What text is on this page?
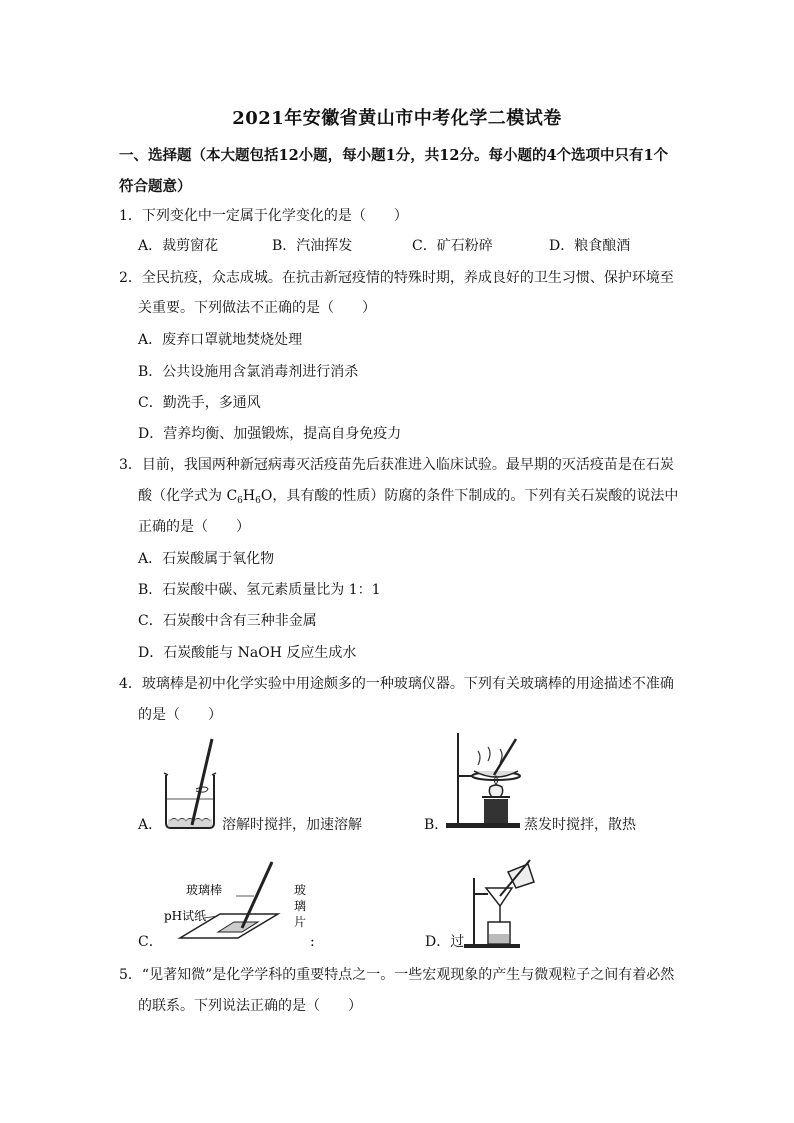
2021年安徽省黄山市中考化学二模试卷
一、选择题（本大题包括12小题，每小题1分，共12分。每小题的4个选项中只有1个
符合题意）
1．下列变化中一定属于化学变化的是（　　）
A．裁剪窗花	B．汽油挥发	C．矿石粉碎	D．粮食酿酒
2．全民抗疫，众志成城。在抗击新冠疫情的特殊时期，养成良好的卫生习惯、保护环境至
关重要。下列做法不正确的是（　　）
A．废弃口罩就地焚烧处理
B．公共设施用含氯消毒剂进行消杀
C．勤洗手，多通风
D．营养均衡、加强锻炼，提高自身免疫力
3．目前，我国两种新冠病毒灭活疫苗先后获准进入临床试验。最早期的灭活疫苗是在石炭
酸（化学式为 $C_6H_6O$，具有酸的性质）防腐的条件下制成的。下列有关石炭酸的说法中
正确的是（　　）
A．石炭酸属于氧化物
B．石炭酸中碳、氢元素质量比为 1：1
C．石炭酸中含有三种非金属
D．石炭酸能与 NaOH 反应生成水
4．玻璃棒是初中化学实验中用途颇多的一种玻璃仪器。下列有关玻璃棒的用途描述不准确
的是（　　）
A．	溶解时搅拌，加速溶解	B．	蒸发时搅拌，散热
玻璃棒
pH试纸
玻
璃
片
C．	:	D．过
5．“见著知微”是化学学科的重要特点之一。一些宏观现象的产生与微观粒子之间有着必然
的联系。下列说法正确的是（　　）
